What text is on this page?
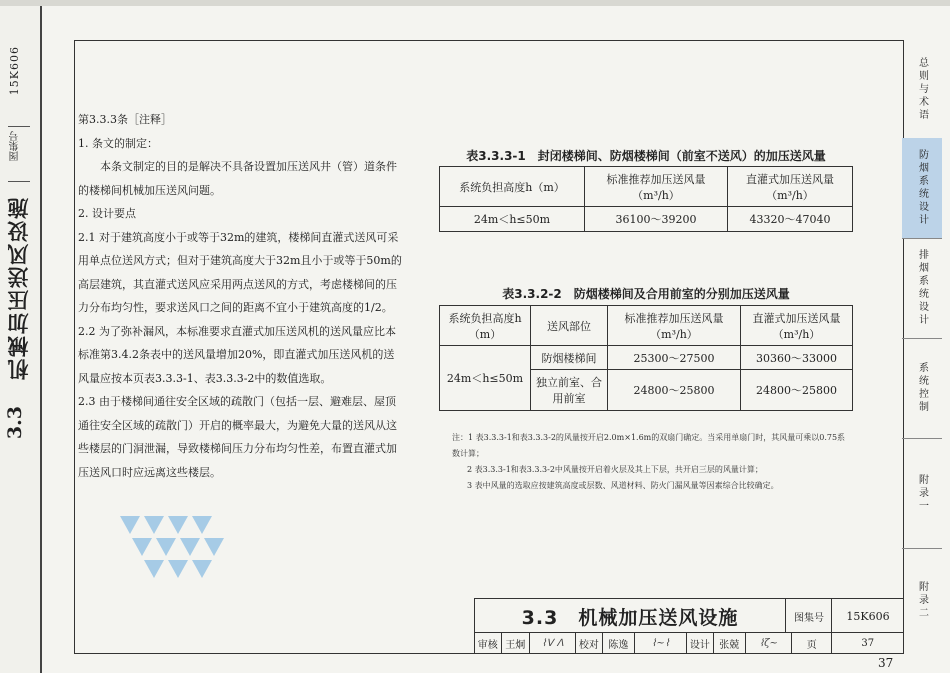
15K606
图集号
机械加压送风设施
3.3
总则与术语
防烟系统设计
排烟系统设计
系统控制
附录一
附录二

第3.3.3条［注释］

1. 条文的制定：

本条文制定的目的是解决不具备设置加压送风井（管）道条件的楼梯间机械加压送风问题。

2. 设计要点

2.1 对于建筑高度小于或等于32m的建筑，楼梯间直灌式送风可采用单点位送风方式；但对于建筑高度大于32m且小于或等于50m的高层建筑，其直灌式送风应采用两点送风的方式，考虑楼梯间的压力分布均匀性，要求送风口之间的距离不宜小于建筑高度的1/2。

2.2 为了弥补漏风，本标准要求直灌式加压送风机的送风量应比本标准第3.4.2条表中的送风量增加20%，即直灌式加压送风机的送风量应按本页表3.3.3-1、表3.3.3-2中的数值选取。

2.3 由于楼梯间通往安全区域的疏散门（包括一层、避难层、屋顶通往安全区域的疏散门）开启的概率最大，为避免大量的送风从这些楼层的门洞泄漏，导致楼梯间压力分布均匀性差，布置直灌式加压送风口时应远离这些楼层。

表3.3.3-1　封闭楼梯间、防烟楼梯间（前室不送风）的加压送风量
系统负担高度h（m）	标准推荐加压送风量（m³/h）	直灌式加压送风量（m³/h）
24m＜h≤50m	36100～39200	43320～47040
表3.3.2-2　防烟楼梯间及合用前室的分别加压送风量
系统负担高度h（m）	送风部位	标准推荐加压送风量（m³/h）	直灌式加压送风量（m³/h）
24m＜h≤50m	防烟楼梯间	25300～27500	30360～33000
	独立前室、合用前室	24800～25800	24800～25800

注：1 表3.3.3-1和表3.3.3-2的风量按开启2.0m×1.6m的双扇门确定。当采用单扇门时，其风量可乘以0.75系数计算；

2 表3.3.3-1和表3.3.3-2中风量按开启着火层及其上下层，共开启三层的风量计算；

3 表中风量的选取应按建筑高度或层数、风道材料、防火门漏风量等因素综合比较确定。

3.3　机械加压送风设施	图集号	15K606
审核 王炯	⌇ᐯ ᐱ	校对 陈逸	⌇~⌇	设计 张兢	⌇ζ~	页	37
37
